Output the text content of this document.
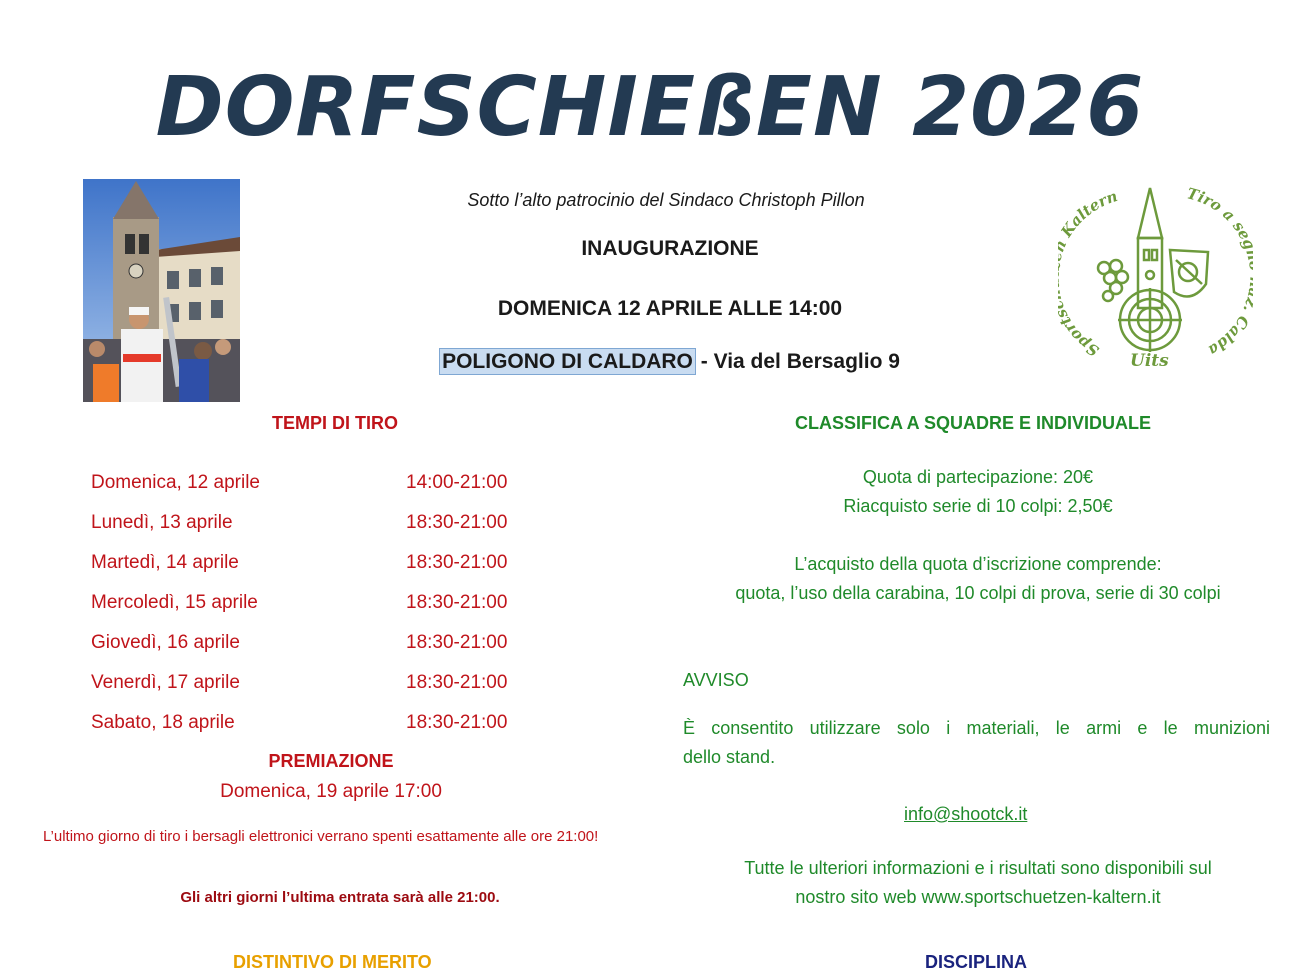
DORFSCHIEßEN 2026
Sotto l’alto patrocinio del Sindaco Christoph Pillon
INAUGURAZIONE
DOMENICA 12 APRILE ALLE 14:00
POLIGONO DI CALDARO - Via del Bersaglio 9
Spor Kaltern	Tiro a se Calda
Uits
TEMPI DI TIRO
Domenica, 12 aprile	14:00-21:00
Lunedì, 13 aprile	18:30-21:00
Martedì, 14 aprile	18:30-21:00
Mercoledì, 15 aprile	18:30-21:00
Giovedì, 16 aprile	18:30-21:00
Venerdì, 17 aprile	18:30-21:00
Sabato, 18 aprile	18:30-21:00
PREMIAZIONE
Domenica, 19 aprile 17:00
L’ultimo giorno di tiro i bersagli elettronici verrano spenti esattamente alle ore 21:00!
Gli altri giorni l’ultima entrata sarà alle 21:00.
DISTINTIVO DI MERITO
CLASSIFICA A SQUADRE E INDIVIDUALE
Quota di partecipazione: 20€
Riacquisto serie di 10 colpi: 2,50€
L’acquisto della quota d’iscrizione comprende:
quota, l’uso della carabina, 10 colpi di prova, serie di 30 colpi
AVVISO
È consentito utilizzare solo i materiali, le armi e le munizioni
dello stand.
info@shootck.it
Tutte le ulteriori informazioni e i risultati sono disponibili sul
nostro sito web www.sportschuetzen-kaltern.it
DISCIPLINA
